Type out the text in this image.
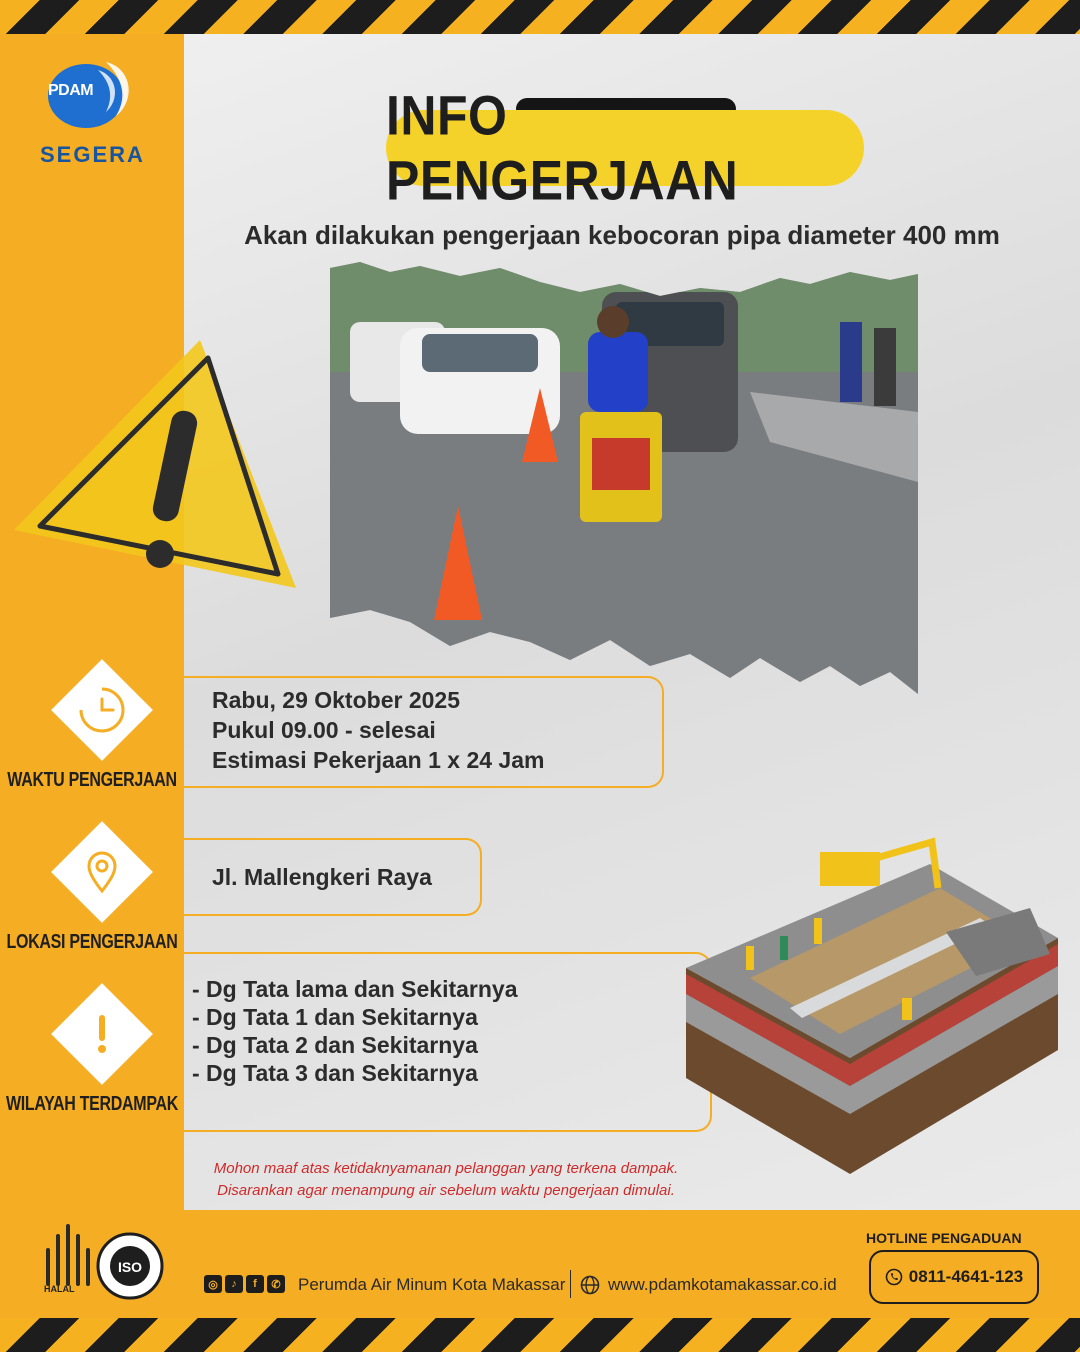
PDAM
SEGERA
INFO PENGERJAAN
Akan dilakukan pengerjaan kebocoran pipa diameter 400 mm
WAKTU PENGERJAAN
Rabu, 29 Oktober 2025
Pukul 09.00 - selesai
Estimasi Pekerjaan 1 x 24 Jam
LOKASI PENGERJAAN
Jl. Mallengkeri Raya
WILAYAH TERDAMPAK
- Dg Tata lama dan Sekitarnya
- Dg Tata 1 dan Sekitarnya
- Dg Tata 2 dan Sekitarnya
- Dg Tata 3 dan Sekitarnya
Mohon maaf atas ketidaknyamanan pelanggan yang terkena dampak.
Disarankan agar menampung air sebelum waktu pengerjaan dimulai.
HALAL
ISO
◎	♪	f	✆ Perumda Air Minum Kota Makassar	www.pdamkotamakassar.co.id
HOTLINE PENGADUAN
0811-4641-123
